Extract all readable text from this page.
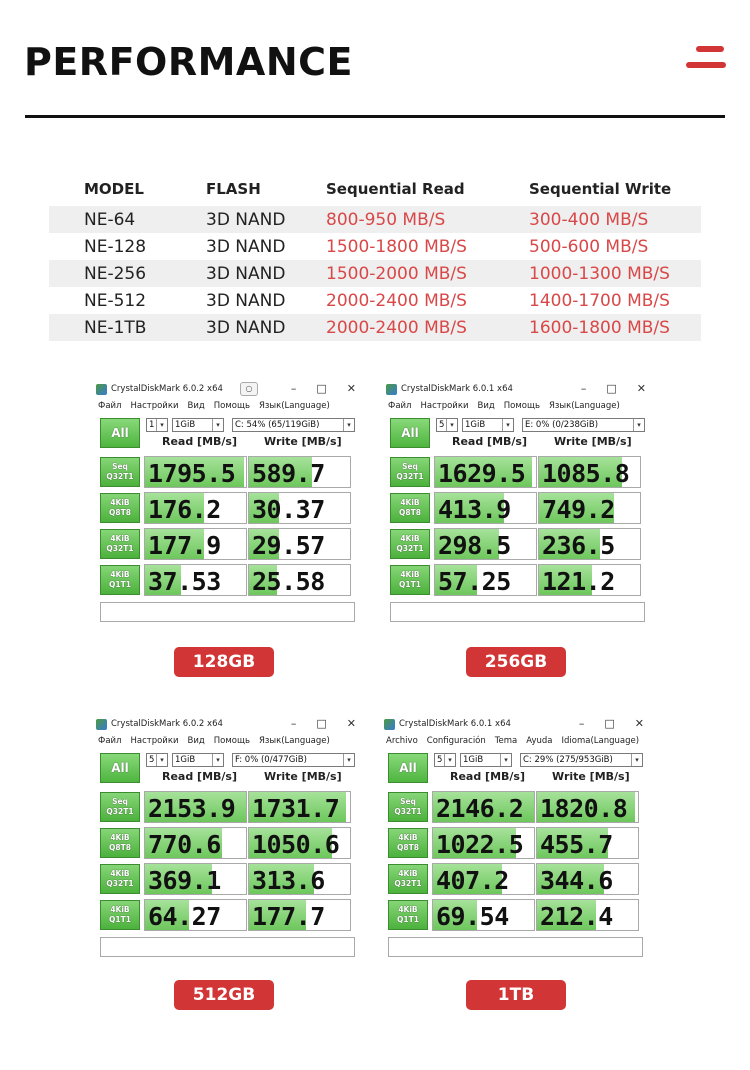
PERFORMANCE
MODEL	FLASH	Sequential Read	Sequential Write
NE-64	3D NAND	800-950 MB/S	300-400 MB/S
NE-128	3D NAND	1500-1800 MB/S	500-600 MB/S
NE-256	3D NAND	1500-2000 MB/S	1000-1300 MB/S
NE-512	3D NAND	2000-2400 MB/S	1400-1700 MB/S
NE-1TB	3D NAND	2000-2400 MB/S	1600-1800 MB/S
CrystalDiskMark 6.0.2 x64	– □ ✕
○
Файл Настройки Вид Помощь Язык(Language)
All
1 ▾	1GiB	▾	C: 54% (65/119GiB)	▾
Read [MB/s] Write [MB/s]
Seq
Q32T1 1795.5 589.7
4KiB
Q8T8 176.2 30.37
4KiB
Q32T1 177.9 29.57
4KiB
Q1T1 37.53 25.58
128GB
CrystalDiskMark 6.0.1 x64	– □ ✕
Файл Настройки Вид Помощь Язык(Language)
All
5 ▾	1GiB	▾	E: 0% (0/238GiB)	▾
Read [MB/s] Write [MB/s]
Seq
Q32T1 1629.5 1085.8
4KiB
Q8T8 413.9 749.2
4KiB
Q32T1 298.5 236.5
4KiB
Q1T1 57.25 121.2
256GB
CrystalDiskMark 6.0.2 x64	– □ ✕
Файл Настройки Вид Помощь Язык(Language)
All
5 ▾	1GiB	▾	F: 0% (0/477GiB)	▾
Read [MB/s] Write [MB/s]
Seq
Q32T1 2153.9 1731.7
4KiB
Q8T8 770.6 1050.6
4KiB
Q32T1 369.1 313.6
4KiB
Q1T1 64.27 177.7
512GB
CrystalDiskMark 6.0.1 x64	– □ ✕
Archivo Configuración Tema Ayuda Idioma(Language)
All
5 ▾	1GiB	▾	C: 29% (275/953GiB)	▾
Read [MB/s] Write [MB/s]
Seq
Q32T1 2146.2 1820.8
4KiB
Q8T8 1022.5 455.7
4KiB
Q32T1 407.2 344.6
4KiB
Q1T1 69.54 212.4
1TB
